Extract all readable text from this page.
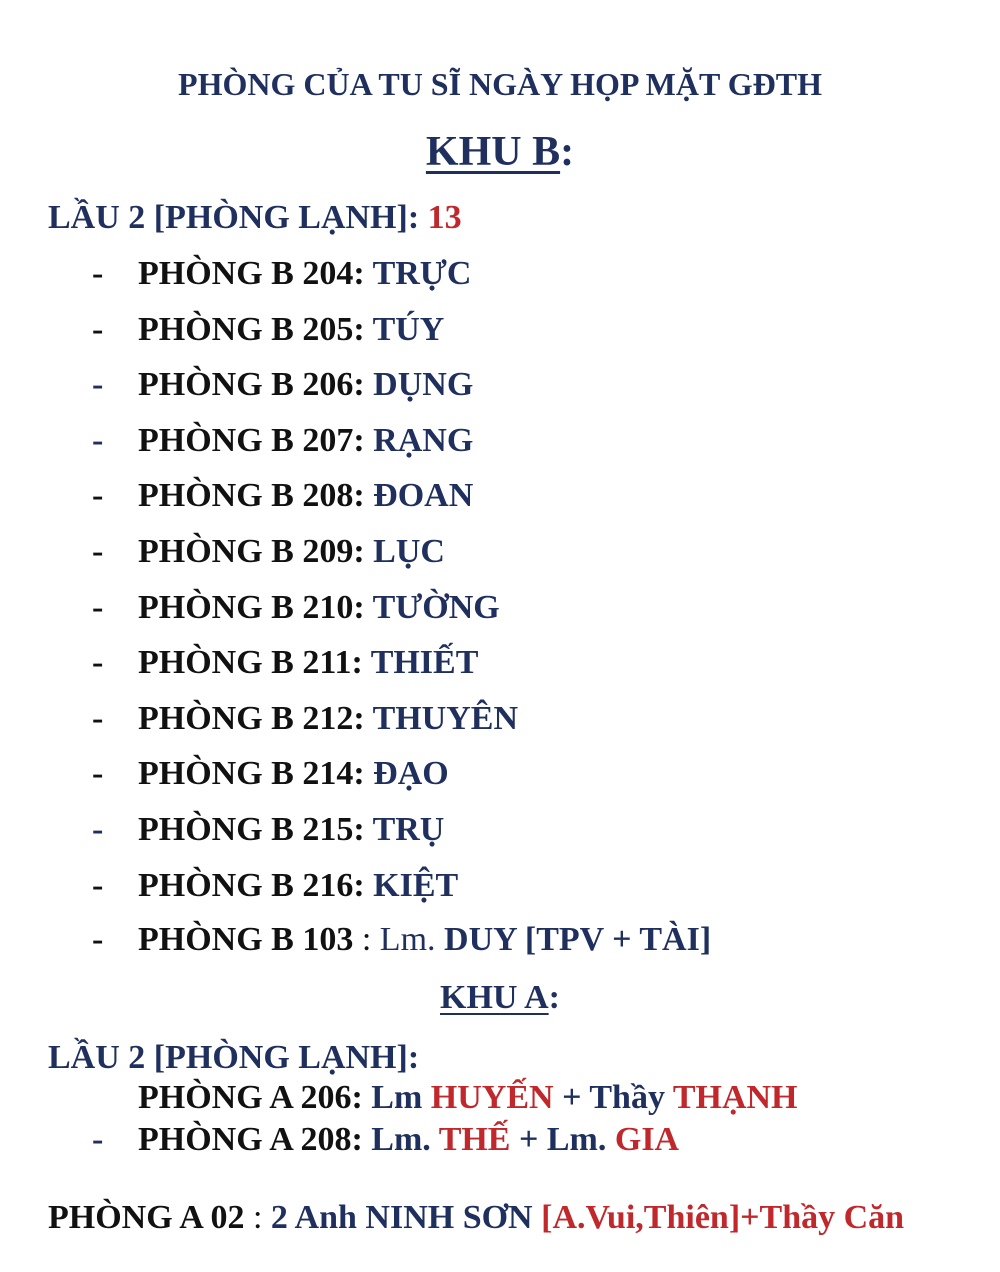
PHÒNG CỦA TU SĨ NGÀY HỌP MẶT GĐTH
KHU B:
LẦU 2 [PHÒNG LẠNH]: 13
- PHÒNG B 204: TRỰC
- PHÒNG B 205: TÚY
- PHÒNG B 206: DỤNG
- PHÒNG B 207: RẠNG
- PHÒNG B 208: ĐOAN
- PHÒNG B 209: LỤC
- PHÒNG B 210: TƯỜNG
- PHÒNG B 211: THIẾT
- PHÒNG B 212: THUYÊN
- PHÒNG B 214: ĐẠO
- PHÒNG B 215: TRỤ
- PHÒNG B 216: KIỆT
- PHÒNG B 103 : Lm. DUY [TPV + TÀI]
KHU A:
LẦU 2 [PHÒNG LẠNH]:
PHÒNG A 206: Lm HUYẾN + Thầy THẠNH
- PHÒNG A 208: Lm. THẾ + Lm. GIA
PHÒNG A 02 : 2 Anh NINH SƠN [A.Vui,Thiên]+Thầy Căn
